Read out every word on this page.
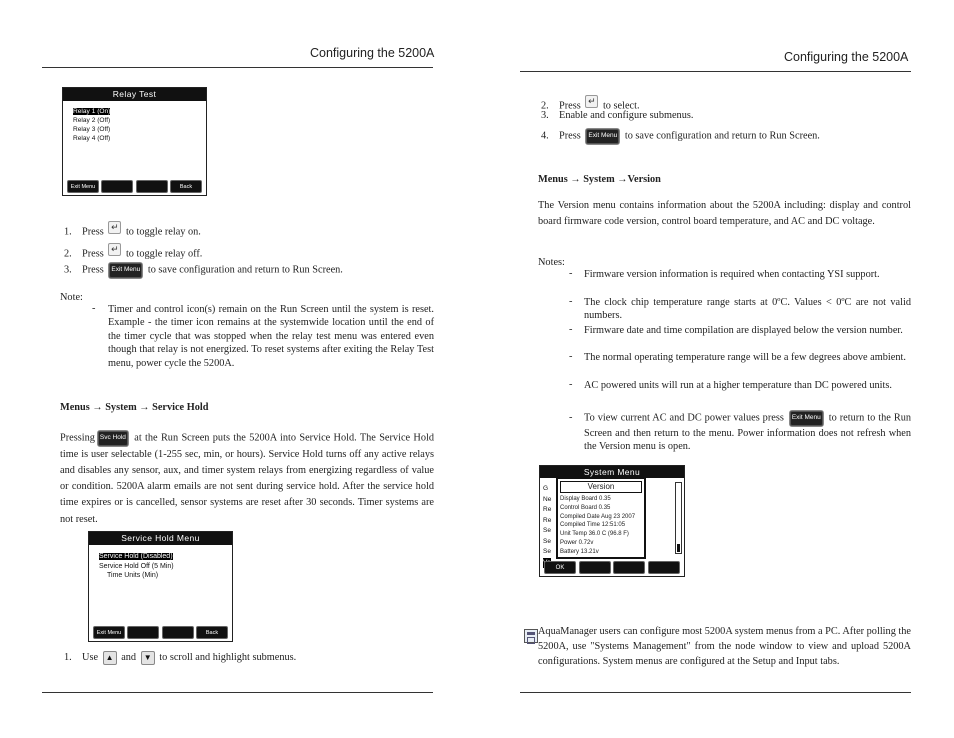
Configuring the 5200A
Relay Test
Relay 1 (On)
Relay 2 (Off)
Relay 3 (Off)
Relay 4 (Off)
Exit Menu	Back
1. Press ↵ to toggle relay on.
2. Press ↵ to toggle relay off.
3. Press Exit Menu to save configuration and return to Run Screen.
Note:
- Timer and control icon(s) remain on the Run Screen until the system is reset. Example - the timer icon remains at the systemwide location until the end of the timer cycle that was stopped when the relay test menu was entered even though that relay is not energized. To reset systems after exiting the Relay Test menu, power cycle the 5200A.
Menus → System → Service Hold
Pressing Svc Hold at the Run Screen puts the 5200A into Service Hold. The Service Hold time is user selectable (1-255 sec, min, or hours). Service Hold turns off any active relays and disables any sensor, aux, and timer system relays from energizing regardless of value or condition. 5200A alarm emails are not sent during service hold. After the service hold time expires or is cancelled, sensor systems are reset after 30 seconds. Timer systems are not reset.
Service Hold Menu
Service Hold (Disabled)
Service Hold Off (5 Min)
Time Units (Min)
Exit Menu	Back
1. Use ▲ and ▼ to scroll and highlight submenus.
Configuring the 5200A
2. Press ↵ to select.
3. Enable and configure submenus.
4. Press Exit Menu to save configuration and return to Run Screen.
Menus → System →Version
The Version menu contains information about the 5200A including: display and control board firmware code version, control board temperature, and AC and DC voltage.
Notes:
- Firmware version information is required when contacting YSI support.
- The clock chip temperature range starts at 0ºC. Values < 0ºC are not valid numbers.
- Firmware date and time compilation are displayed below the version number.
- The normal operating temperature range will be a few degrees above ambient.
- AC powered units will run at a higher temperature than DC powered units.
- To view current AC and DC power values press Exit Menu to return to the Run Screen and then return to the menu. Power information does not refresh when the Version menu is open.
System Menu
G
Ne
Re
Re
Se
Se
Se
Version
Display Board 0.35
Control Board 0.35
Compiled Date Aug 23 2007
Compiled Time 12:51:05
Unit Temp 36.0 C (96.8 F)
Power 0.72v
Battery 13.21v
OK
AquaManager users can configure most 5200A system menus from a PC. After polling the 5200A, use "Systems Management" from the node window to view and upload 5200A configurations. System menus are configured at the Setup and Input tabs.
